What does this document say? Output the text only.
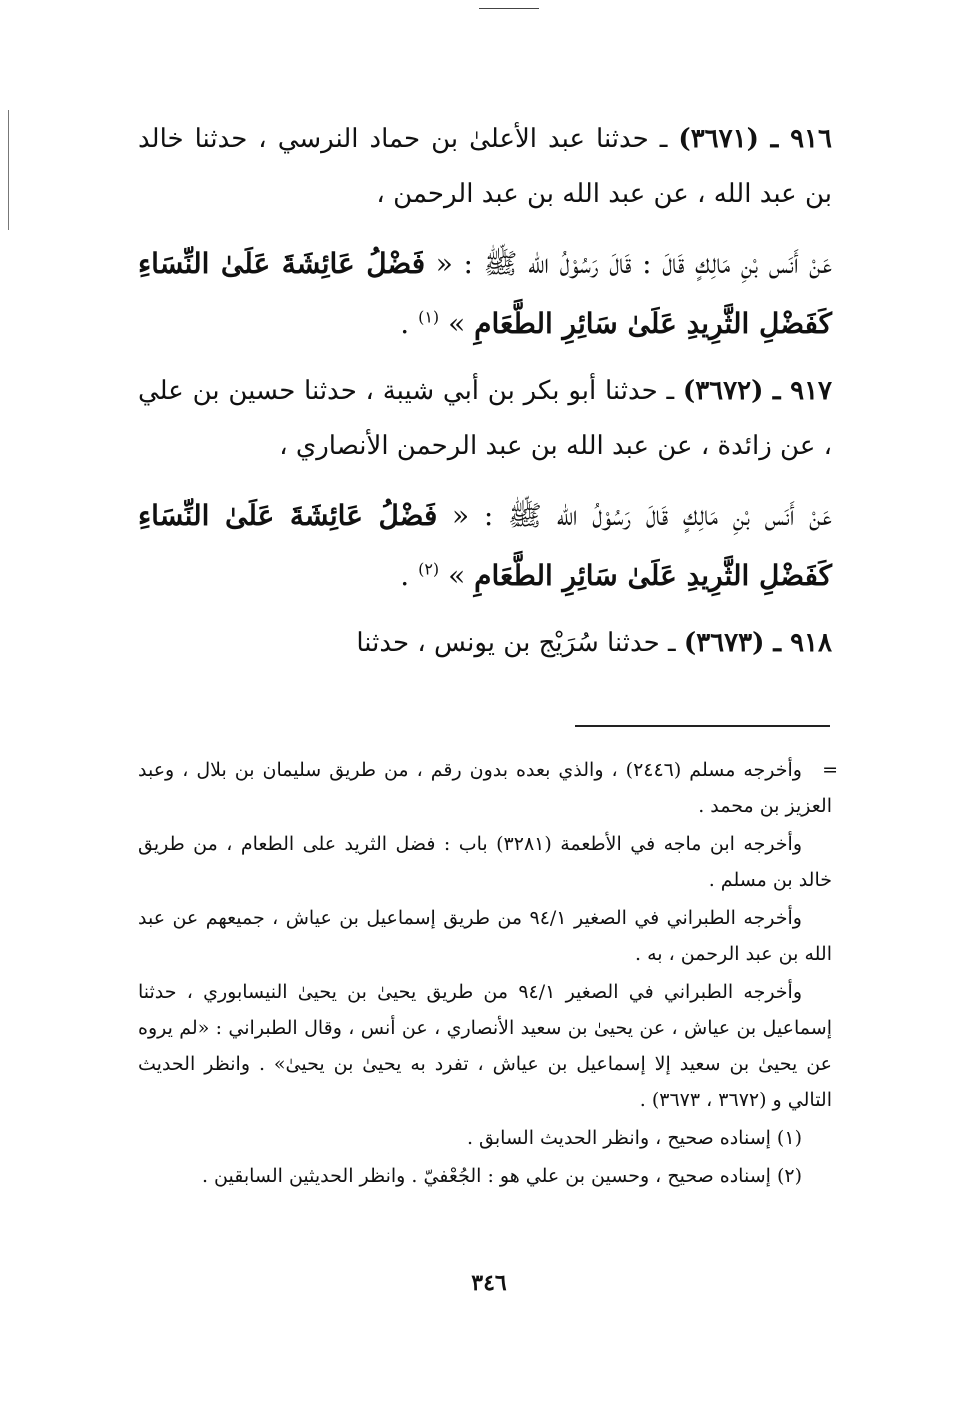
٩١٦ ـ (٣٦٧١) ـ حدثنا عبد الأعلىٰ بن حماد النرسي ، حدثنا خالد بن عبد الله ، عن عبد الله بن عبد الرحمن ،

عَنْ أَنَس بْنِ مَالِكٍ قَالَ : قَالَ رَسُوْلُ الله ﷺ : « فَضْلُ عَائِشَةَ عَلَىٰ النِّسَاءِ كَفَضْلِ الثَّرِيدِ عَلَىٰ سَائِرِ الطَّعَامِ » $^{(١)}$ .

٩١٧ ـ (٣٦٧٢) ـ حدثنا أبو بكر بن أبي شيبة ، حدثنا حسين بن علي ، عن زائدة ، عن عبد الله بن عبد الرحمن الأنصاري ،

عَنْ أَنَس بْنِ مَالِكٍ قَالَ رَسُوْلُ الله ﷺ : « فَضْلُ عَائِشَةَ عَلَىٰ النِّسَاءِ كَفَضْلِ الثَّرِيدِ عَلَىٰ سَائِرِ الطَّعَامِ » $^{(٢)}$ .

٩١٨ ـ (٣٦٧٣) ـ حدثنا سُرَيْج بن يونس ، حدثنا

=

وأخرجه مسلم (٢٤٤٦) ، والذي بعده بدون رقم ، من طريق سليمان بن بلال ، وعبد العزيز بن محمد .

وأخرجه ابن ماجه في الأطعمة (٣٢٨١) باب : فضل الثريد على الطعام ، من طريق خالد بن مسلم .

وأخرجه الطبراني في الصغير ٩٤/١ من طريق إسماعيل بن عياش ، جميعهم عن عبد الله بن عبد الرحمن ، به .

وأخرجه الطبراني في الصغير ٩٤/١ من طريق يحيىٰ بن يحيىٰ النيسابوري ، حدثنا إسماعيل بن عياش ، عن يحيىٰ بن سعيد الأنصاري ، عن أنس ، وقال الطبراني : «لم يروه عن يحيىٰ بن سعيد إلا إسماعيل بن عياش ، تفرد به يحيىٰ بن يحيىٰ» . وانظر الحديث التالي و (٣٦٧٢ ، ٣٦٧٣) .

(١) إسناده صحيح ، وانظر الحديث السابق .

(٢) إسناده صحيح ، وحسين بن علي هو : الجُعْفيّ . وانظر الحديثين السابقين .

٣٤٦
